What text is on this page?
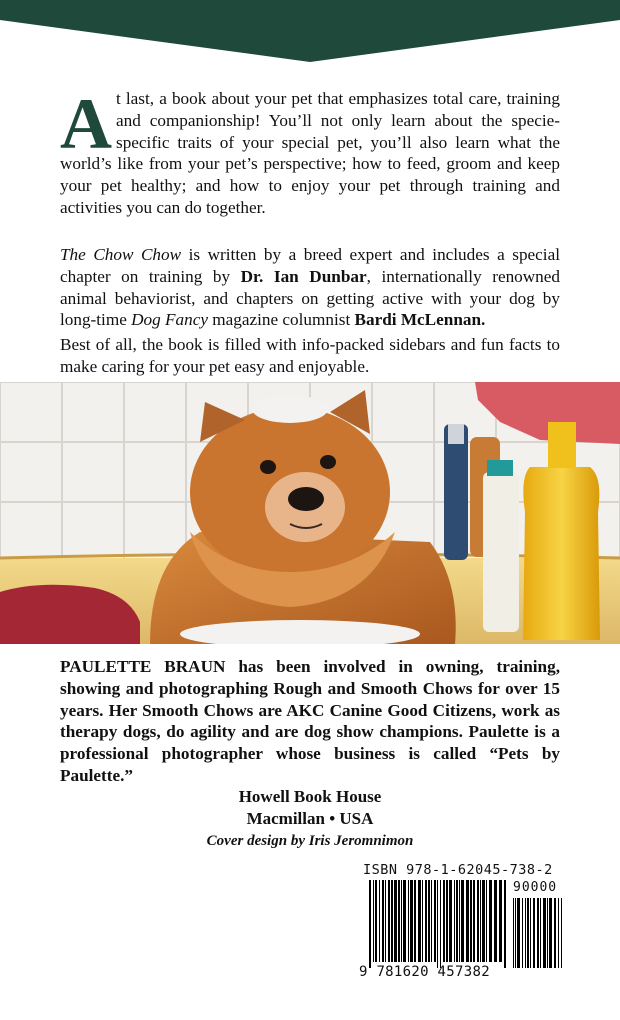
At last, a book about your pet that emphasizes total care, training and companionship! You’ll not only learn about the specie-specific traits of your special pet, you’ll also learn what the world’s like from your pet’s perspective; how to feed, groom and keep your pet healthy; and how to enjoy your pet through training and activities you can do together.

The Chow Chow is written by a breed expert and includes a special chapter on training by Dr. Ian Dunbar, internationally renowned animal behaviorist, and chapters on getting active with your dog by long-time Dog Fancy magazine columnist Bardi McLennan.

Best of all, the book is filled with info-packed sidebars and fun facts to make caring for your pet easy and enjoyable.

PAULETTE BRAUN has been involved in owning, training, showing and photographing Rough and Smooth Chows for over 15 years. Her Smooth Chows are AKC Canine Good Citizens, work as therapy dogs, do agility and are dog show champions. Paulette is a professional photographer whose business is called “Pets by Paulette.”

Howell Book House
Macmillan • USA
Cover design by Iris Jeromnimon
ISBN 978-1-62045-738-2
90000
9 781620 457382
